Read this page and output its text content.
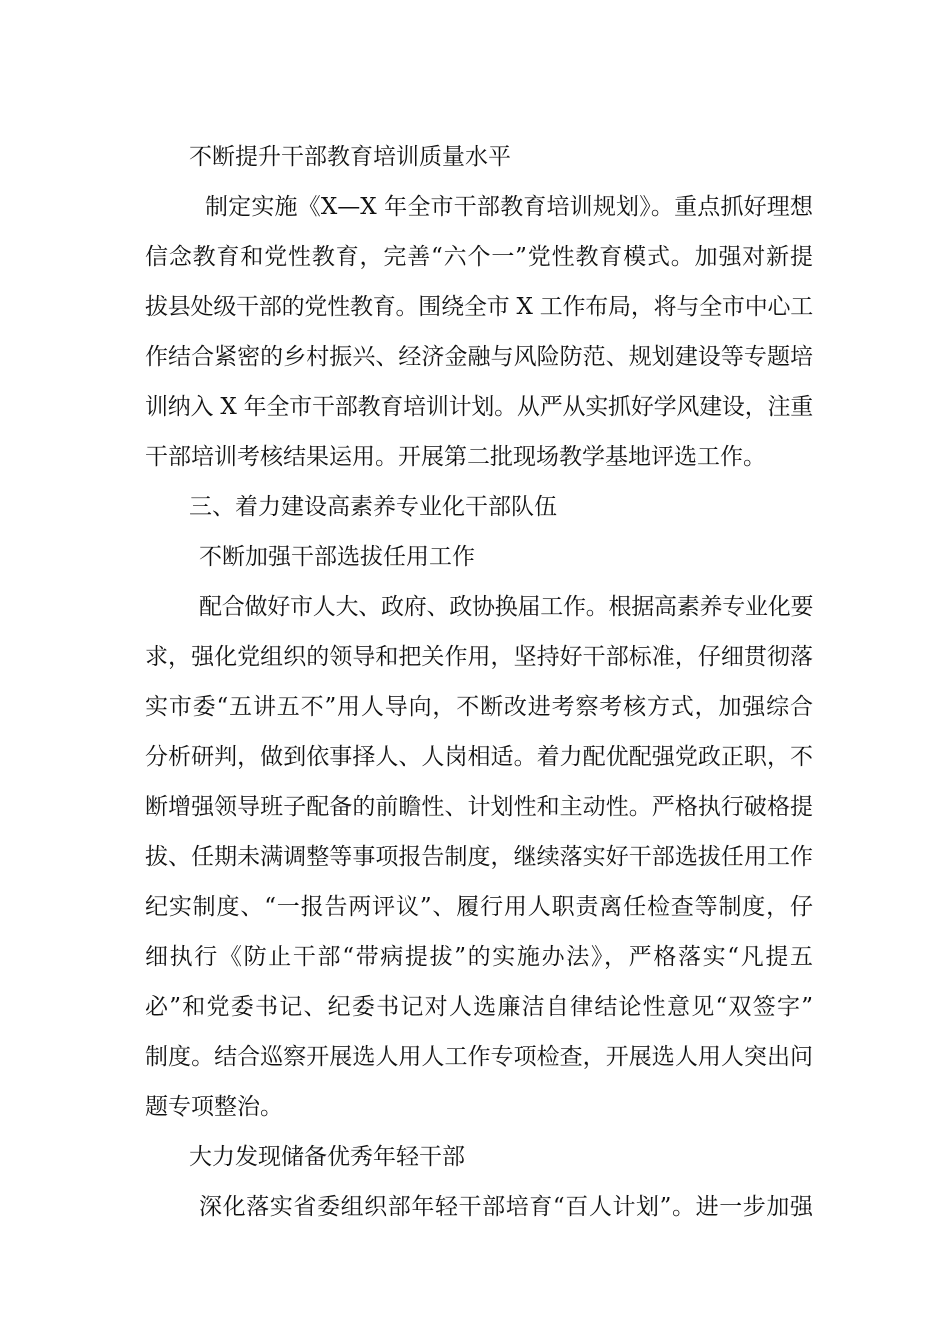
不断提升干部教育培训质量水平
制定实施《X—X 年全市干部教育培训规划》。重点抓好理想
信念教育和党性教育，完善“六个一”党性教育模式。加强对新提
拔县处级干部的党性教育。围绕全市 X 工作布局，将与全市中心工
作结合紧密的乡村振兴、经济金融与风险防范、规划建设等专题培
训纳入 X 年全市干部教育培训计划。从严从实抓好学风建设，注重
干部培训考核结果运用。开展第二批现场教学基地评选工作。
三、着力建设高素养专业化干部队伍
不断加强干部选拔任用工作
配合做好市人大、政府、政协换届工作。根据高素养专业化要
求，强化党组织的领导和把关作用，坚持好干部标准，仔细贯彻落
实市委“五讲五不”用人导向，不断改进考察考核方式，加强综合
分析研判，做到依事择人、人岗相适。着力配优配强党政正职，不
断增强领导班子配备的前瞻性、计划性和主动性。严格执行破格提
拔、任期未满调整等事项报告制度，继续落实好干部选拔任用工作
纪实制度、“一报告两评议”、履行用人职责离任检查等制度，仔
细执行《防止干部“带病提拔”的实施办法》，严格落实“凡提五
必”和党委书记、纪委书记对人选廉洁自律结论性意见“双签字”
制度。结合巡察开展选人用人工作专项检查，开展选人用人突出问
题专项整治。
大力发现储备优秀年轻干部
深化落实省委组织部年轻干部培育“百人计划”。进一步加强
